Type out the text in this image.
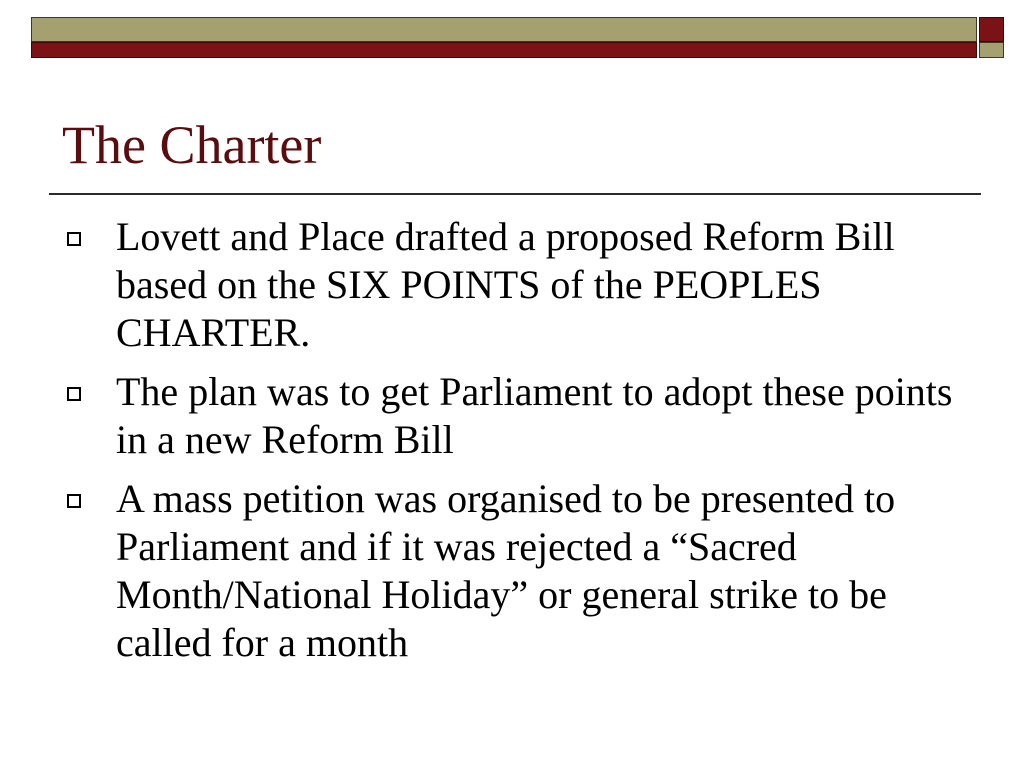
The Charter
Lovett and Place drafted a proposed Reform Bill based on the SIX POINTS of the PEOPLES CHARTER.
The plan was to get Parliament to adopt these points in a new Reform Bill
A mass petition was organised to be presented to Parliament and if it was rejected a “Sacred Month/National Holiday” or general strike to be called for a month
